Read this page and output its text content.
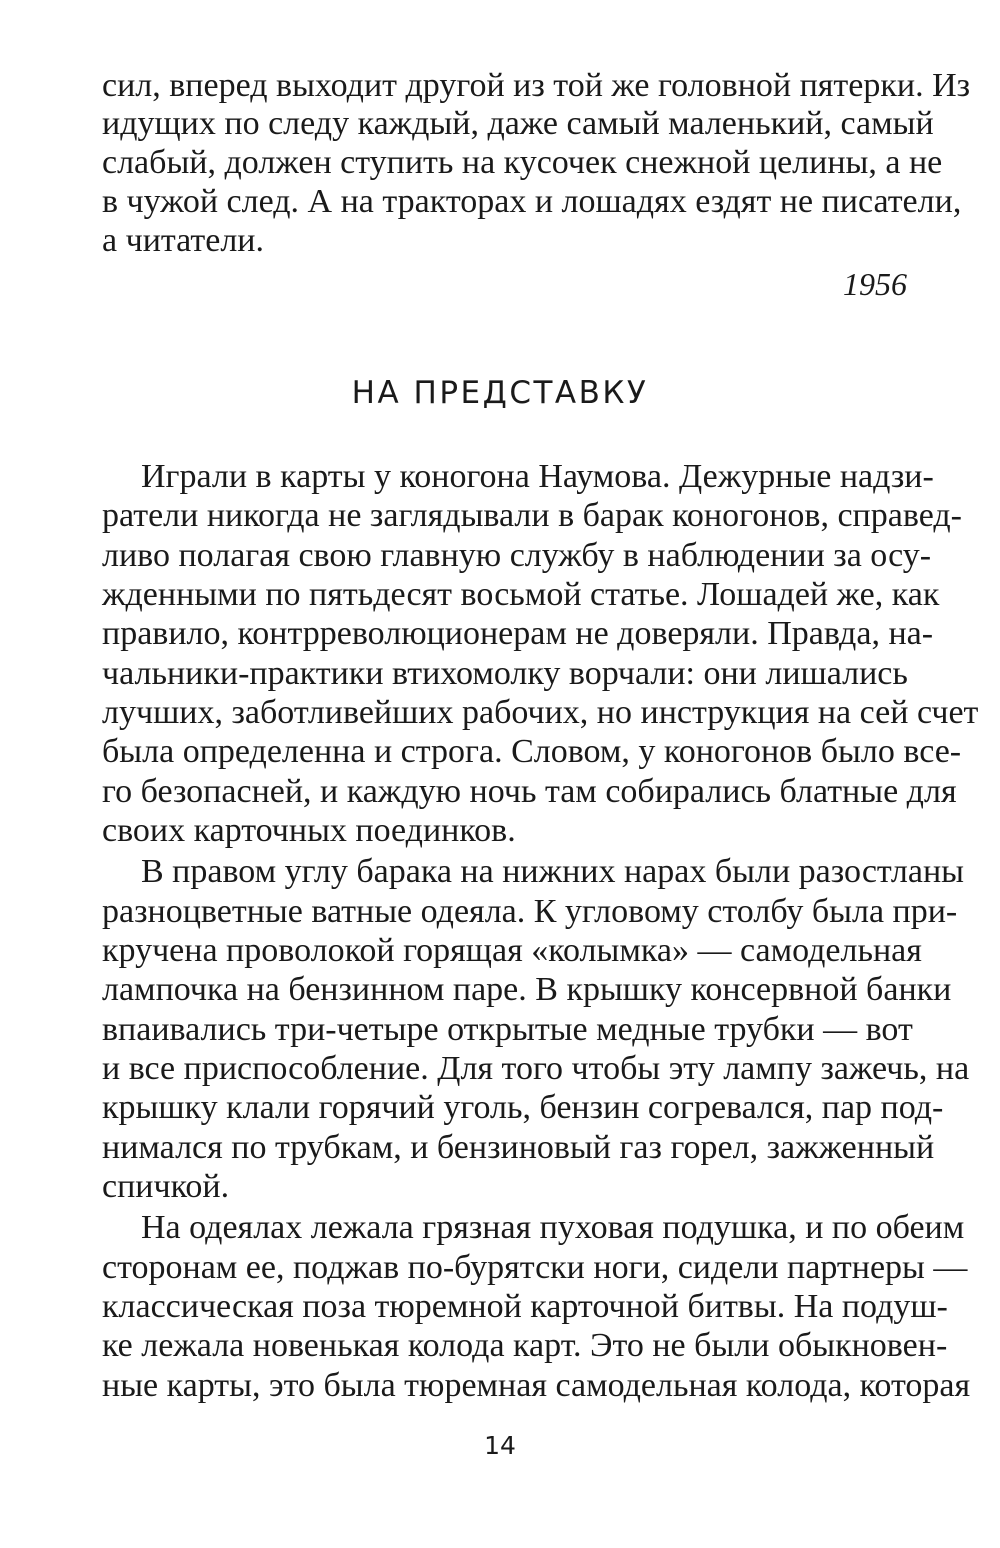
сил, вперед выходит другой из той же головной пятерки. Из

идущих по следу каждый, даже самый маленький, самый

слабый, должен ступить на кусочек снежной целины, а не

в чужой след. А на тракторах и лошадях ездят не писатели,

а читатели.

1956

НА ПРЕДСТАВКУ

Играли в карты у коногона Наумова. Дежурные надзи-

ратели никогда не заглядывали в барак коногонов, справед-

ливо полагая свою главную службу в наблюдении за осу-

жденными по пятьдесят восьмой статье. Лошадей же, как

правило, контрреволюционерам не доверяли. Правда, на-

чальники-практики втихомолку ворчали: они лишались

лучших, заботливейших рабочих, но инструкция на сей счет

была определенна и строга. Словом, у коногонов было все-

го безопасней, и каждую ночь там собирались блатные для

своих карточных поединков.

В правом углу барака на нижних нарах были разостланы

разноцветные ватные одеяла. К угловому столбу была при-

кручена проволокой горящая «колымка» — самодельная

лампочка на бензинном паре. В крышку консервной банки

впаивались три-четыре открытые медные трубки — вот

и все приспособление. Для того чтобы эту лампу зажечь, на

крышку клали горячий уголь, бензин согревался, пар под-

нимался по трубкам, и бензиновый газ горел, зажженный

спичкой.

На одеялах лежала грязная пуховая подушка, и по обеим

сторонам ее, поджав по-бурятски ноги, сидели партнеры —

классическая поза тюремной карточной битвы. На подуш-

ке лежала новенькая колода карт. Это не были обыкновен-

ные карты, это была тюремная самодельная колода, которая

14
